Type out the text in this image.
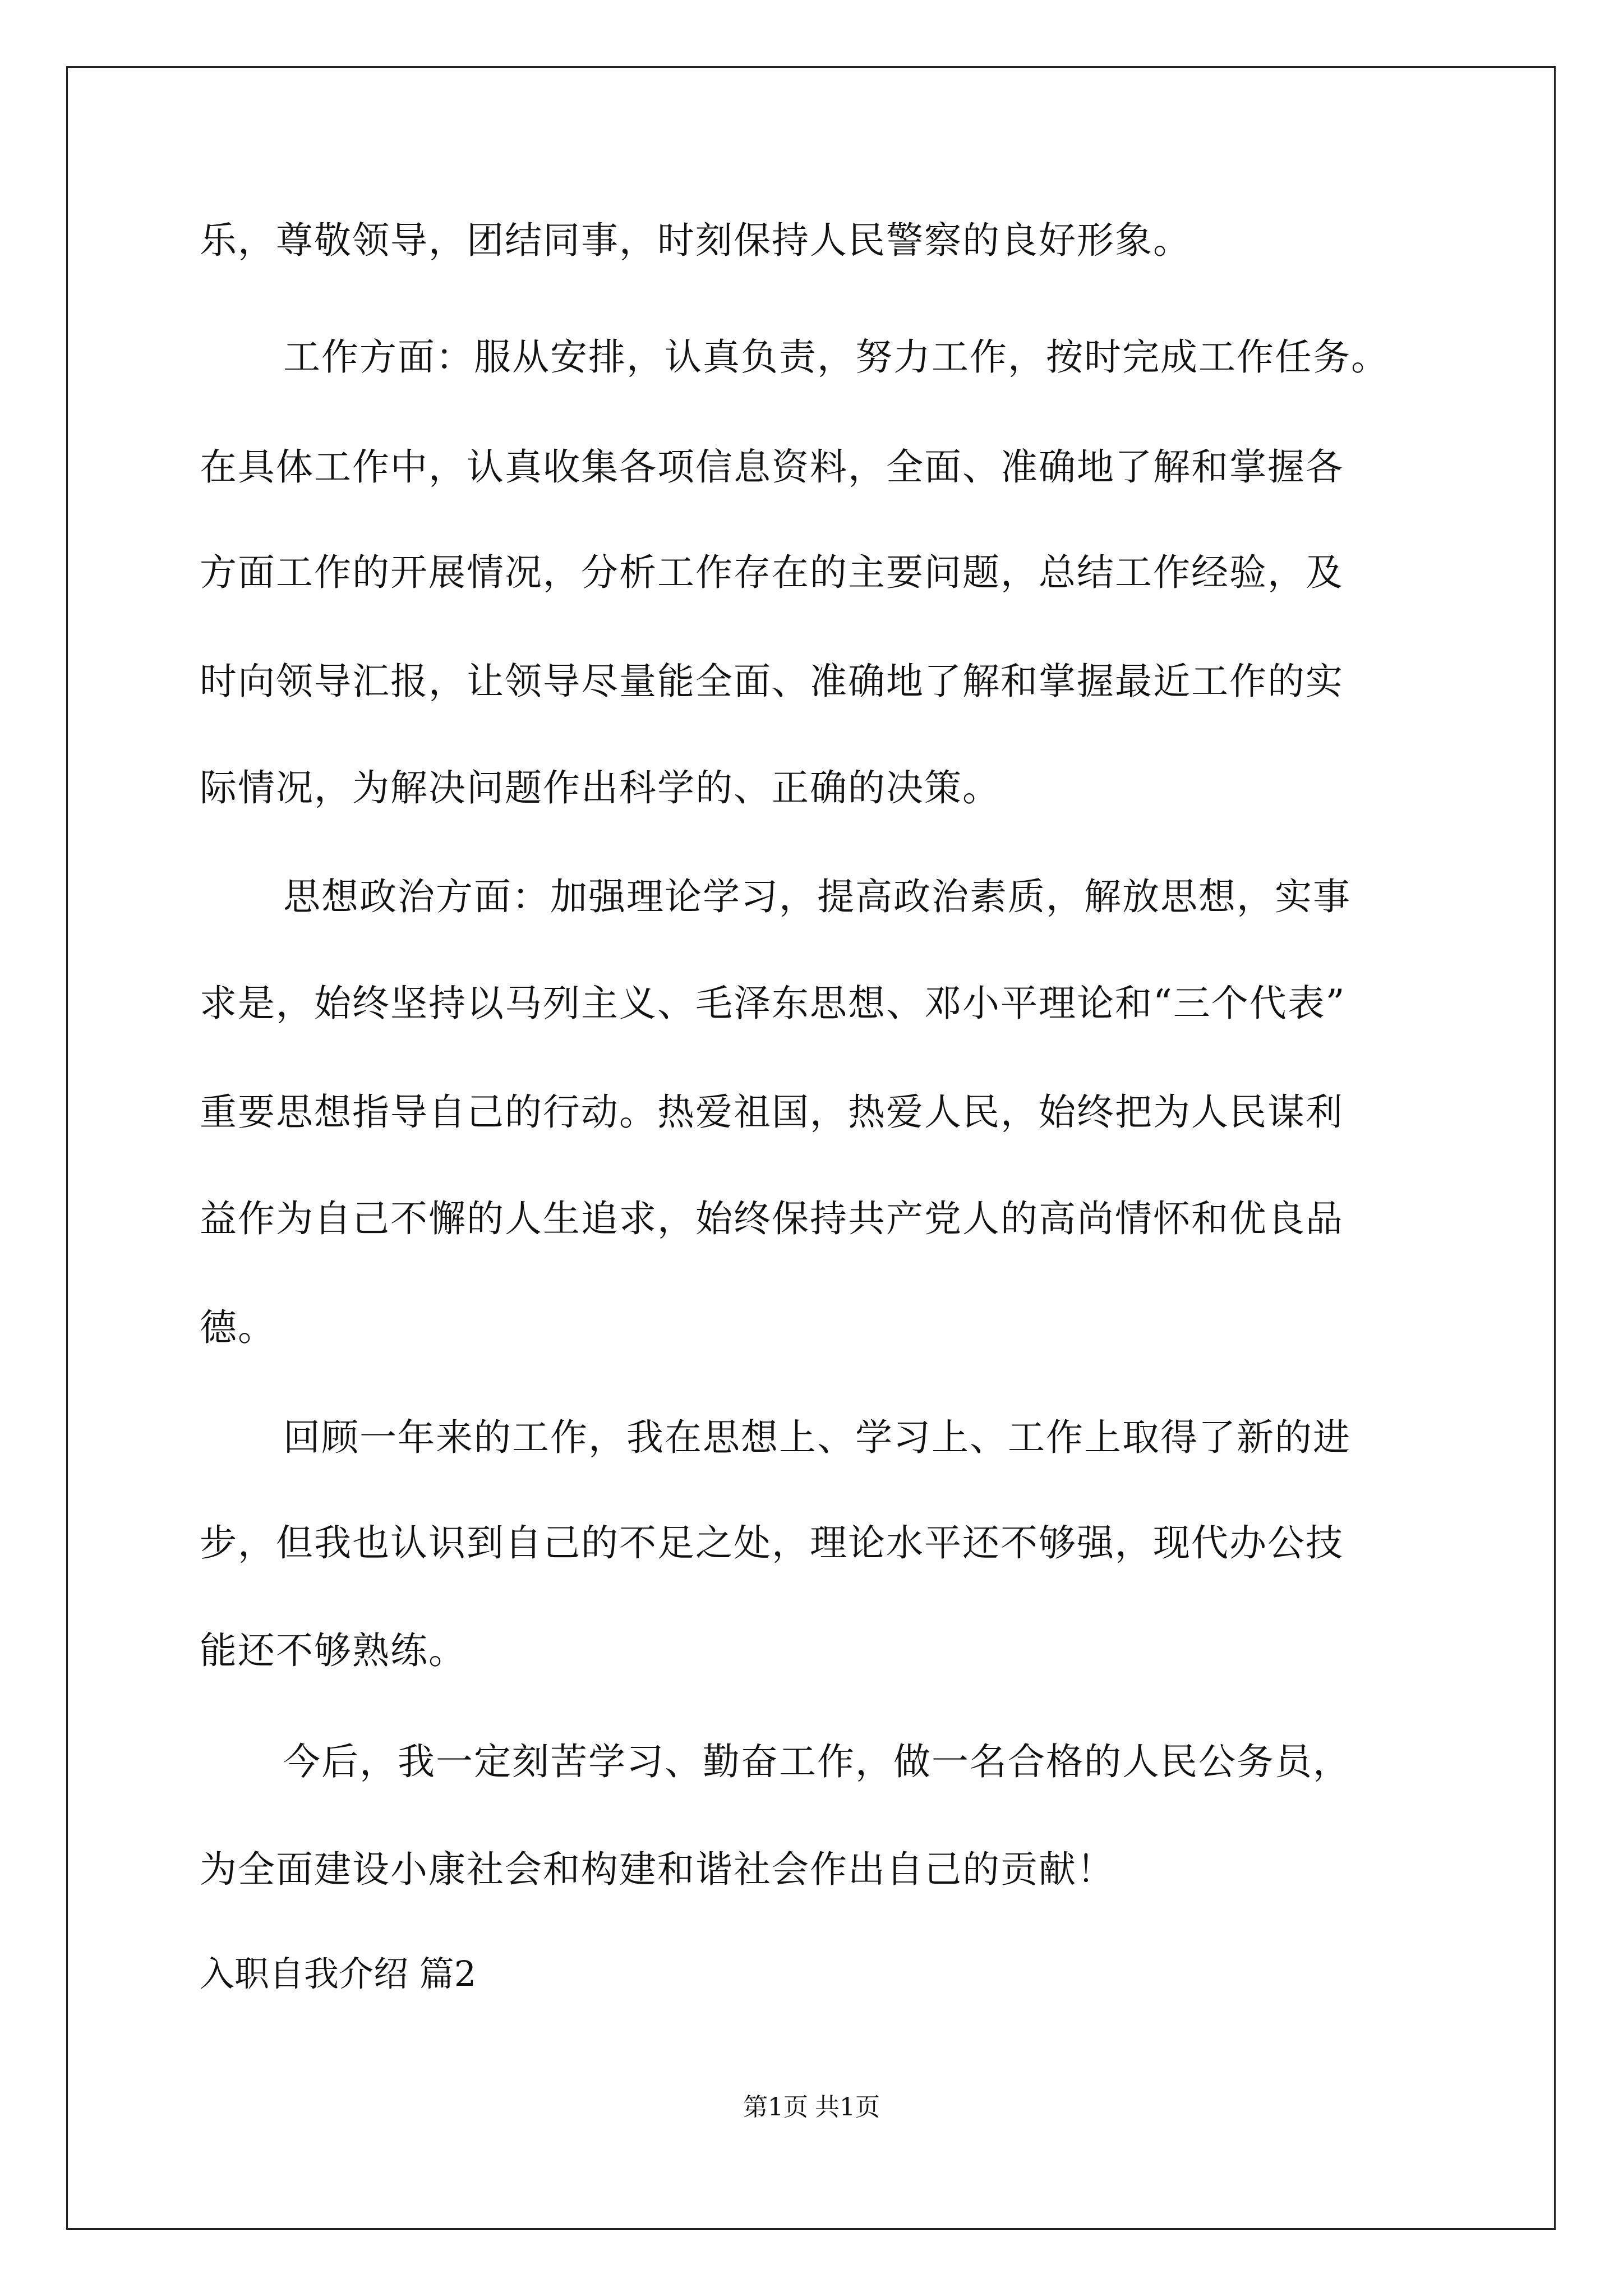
乐，尊敬领导，团结同事，时刻保持人民警察的良好形象。
工作方面：服从安排，认真负责，努力工作，按时完成工作任务。
在具体工作中，认真收集各项信息资料，全面、准确地了解和掌握各
方面工作的开展情况，分析工作存在的主要问题，总结工作经验，及
时向领导汇报，让领导尽量能全面、准确地了解和掌握最近工作的实
际情况，为解决问题作出科学的、正确的决策。
思想政治方面：加强理论学习，提高政治素质，解放思想，实事
求是，始终坚持以马列主义、毛泽东思想、邓小平理论和“三个代表”
重要思想指导自己的行动。热爱祖国，热爱人民，始终把为人民谋利
益作为自己不懈的人生追求，始终保持共产党人的高尚情怀和优良品
德。
回顾一年来的工作，我在思想上、学习上、工作上取得了新的进
步，但我也认识到自己的不足之处，理论水平还不够强，现代办公技
能还不够熟练。
今后，我一定刻苦学习、勤奋工作，做一名合格的人民公务员，
为全面建设小康社会和构建和谐社会作出自己的贡献！
入职自我介绍 篇2
第1页 共1页
